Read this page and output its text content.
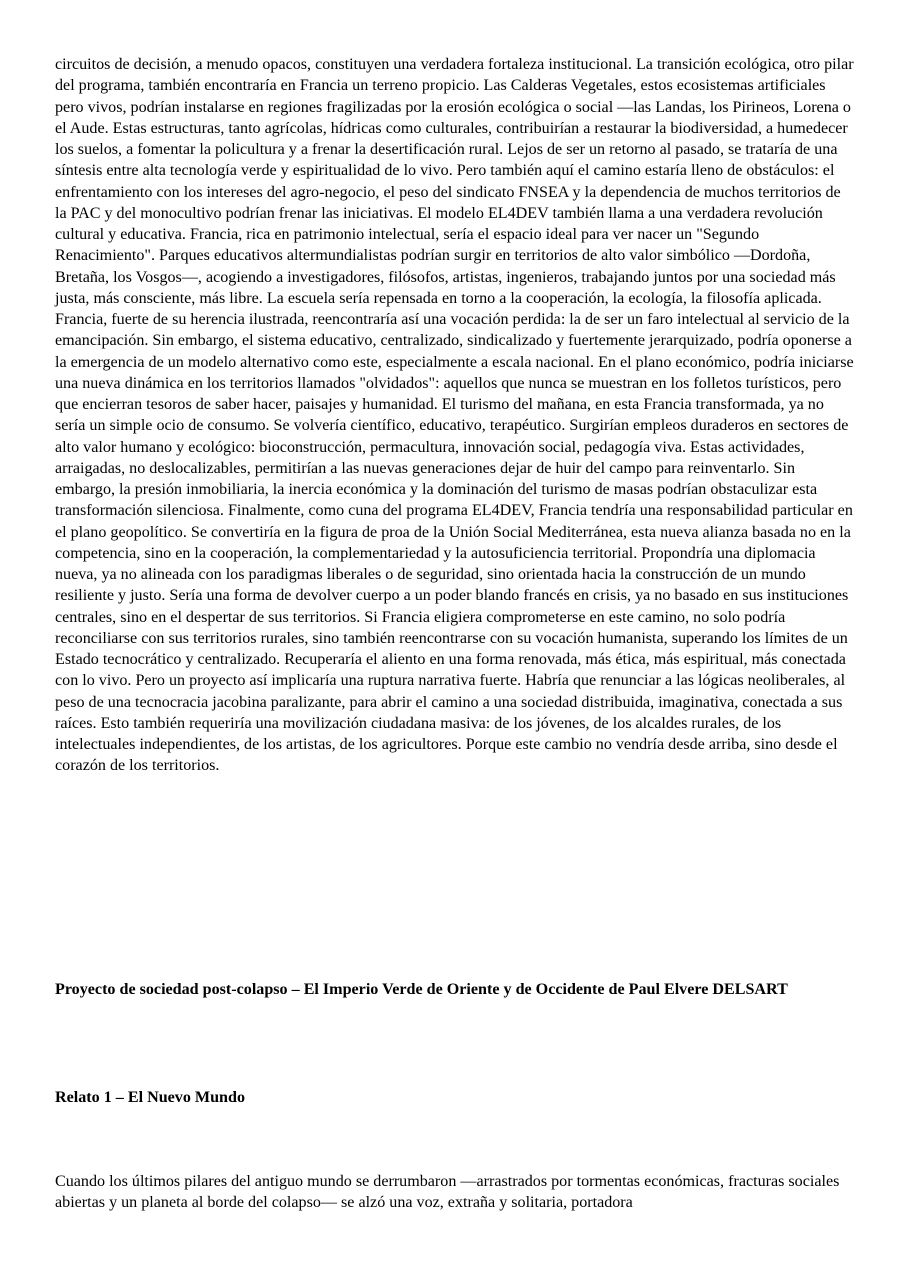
circuitos de decisión, a menudo opacos, constituyen una verdadera fortaleza institucional. La transición ecológica, otro pilar del programa, también encontraría en Francia un terreno propicio. Las Calderas Vegetales, estos ecosistemas artificiales pero vivos, podrían instalarse en regiones fragilizadas por la erosión ecológica o social —las Landas, los Pirineos, Lorena o el Aude. Estas estructuras, tanto agrícolas, hídricas como culturales, contribuirían a restaurar la biodiversidad, a humedecer los suelos, a fomentar la policultura y a frenar la desertificación rural. Lejos de ser un retorno al pasado, se trataría de una síntesis entre alta tecnología verde y espiritualidad de lo vivo. Pero también aquí el camino estaría lleno de obstáculos: el enfrentamiento con los intereses del agro-negocio, el peso del sindicato FNSEA y la dependencia de muchos territorios de la PAC y del monocultivo podrían frenar las iniciativas. El modelo EL4DEV también llama a una verdadera revolución cultural y educativa. Francia, rica en patrimonio intelectual, sería el espacio ideal para ver nacer un "Segundo Renacimiento". Parques educativos altermundialistas podrían surgir en territorios de alto valor simbólico —Dordoña, Bretaña, los Vosgos—, acogiendo a investigadores, filósofos, artistas, ingenieros, trabajando juntos por una sociedad más justa, más consciente, más libre. La escuela sería repensada en torno a la cooperación, la ecología, la filosofía aplicada. Francia, fuerte de su herencia ilustrada, reencontraría así una vocación perdida: la de ser un faro intelectual al servicio de la emancipación. Sin embargo, el sistema educativo, centralizado, sindicalizado y fuertemente jerarquizado, podría oponerse a la emergencia de un modelo alternativo como este, especialmente a escala nacional. En el plano económico, podría iniciarse una nueva dinámica en los territorios llamados "olvidados": aquellos que nunca se muestran en los folletos turísticos, pero que encierran tesoros de saber hacer, paisajes y humanidad. El turismo del mañana, en esta Francia transformada, ya no sería un simple ocio de consumo. Se volvería científico, educativo, terapéutico. Surgirían empleos duraderos en sectores de alto valor humano y ecológico: bioconstrucción, permacultura, innovación social, pedagogía viva. Estas actividades, arraigadas, no deslocalizables, permitirían a las nuevas generaciones dejar de huir del campo para reinventarlo. Sin embargo, la presión inmobiliaria, la inercia económica y la dominación del turismo de masas podrían obstaculizar esta transformación silenciosa. Finalmente, como cuna del programa EL4DEV, Francia tendría una responsabilidad particular en el plano geopolítico. Se convertiría en la figura de proa de la Unión Social Mediterránea, esta nueva alianza basada no en la competencia, sino en la cooperación, la complementariedad y la autosuficiencia territorial. Propondría una diplomacia nueva, ya no alineada con los paradigmas liberales o de seguridad, sino orientada hacia la construcción de un mundo resiliente y justo. Sería una forma de devolver cuerpo a un poder blando francés en crisis, ya no basado en sus instituciones centrales, sino en el despertar de sus territorios. Si Francia eligiera comprometerse en este camino, no solo podría reconciliarse con sus territorios rurales, sino también reencontrarse con su vocación humanista, superando los límites de un Estado tecnocrático y centralizado. Recuperaría el aliento en una forma renovada, más ética, más espiritual, más conectada con lo vivo. Pero un proyecto así implicaría una ruptura narrativa fuerte. Habría que renunciar a las lógicas neoliberales, al peso de una tecnocracia jacobina paralizante, para abrir el camino a una sociedad distribuida, imaginativa, conectada a sus raíces. Esto también requeriría una movilización ciudadana masiva: de los jóvenes, de los alcaldes rurales, de los intelectuales independientes, de los artistas, de los agricultores. Porque este cambio no vendría desde arriba, sino desde el corazón de los territorios.

Proyecto de sociedad post-colapso – El Imperio Verde de Oriente y de Occidente de Paul Elvere DELSART
Relato 1 – El Nuevo Mundo

Cuando los últimos pilares del antiguo mundo se derrumbaron —arrastrados por tormentas económicas, fracturas sociales abiertas y un planeta al borde del colapso— se alzó una voz, extraña y solitaria, portadora
